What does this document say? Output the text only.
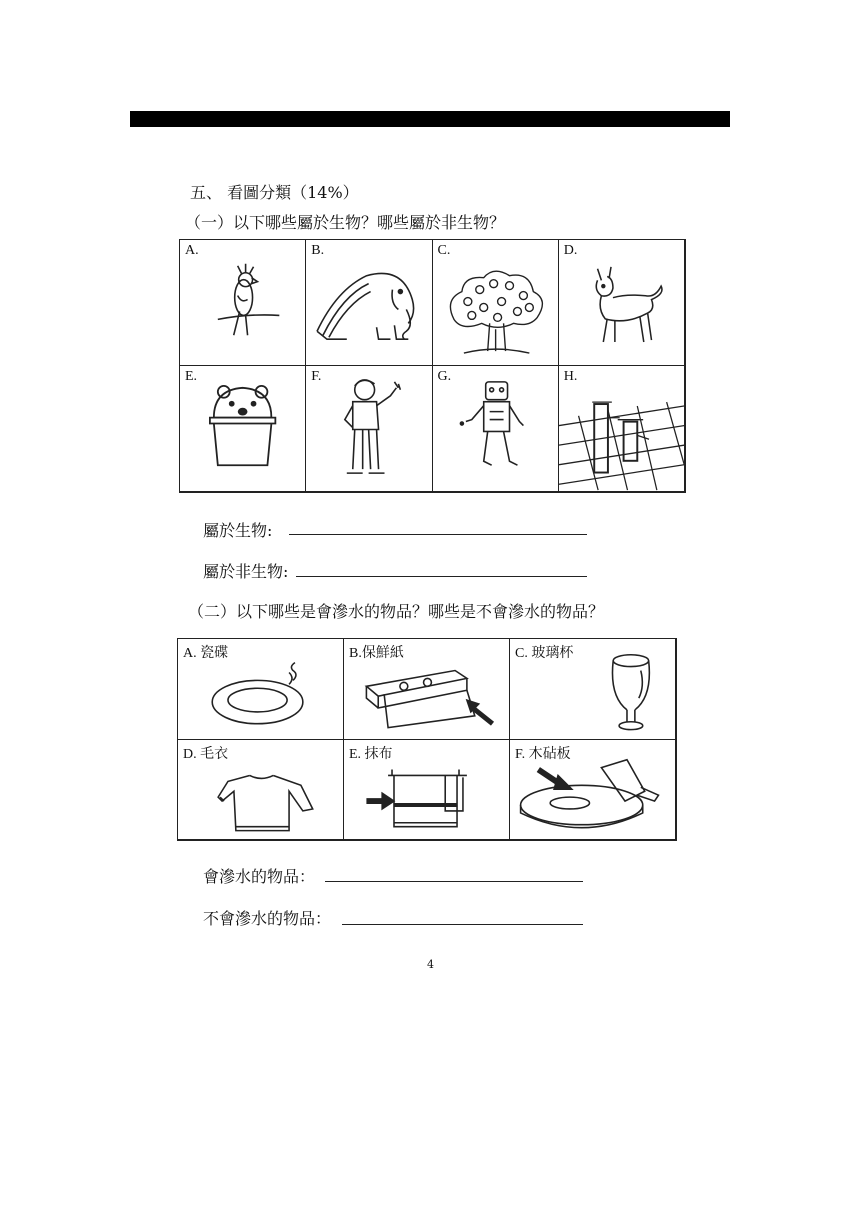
五、 看圖分類（14%）
（一）以下哪些屬於生物？哪些屬於非生物？
A.	B.	C.	D.
E.	F.	G.	H.
屬於生物:
屬於非生物:
（二）以下哪些是會滲水的物品？哪些是不會滲水的物品？
A. 瓷碟	B.保鮮紙	C. 玻璃杯
D. 毛衣	E. 抹布	F. 木砧板
會滲水的物品：
不會滲水的物品：
4
